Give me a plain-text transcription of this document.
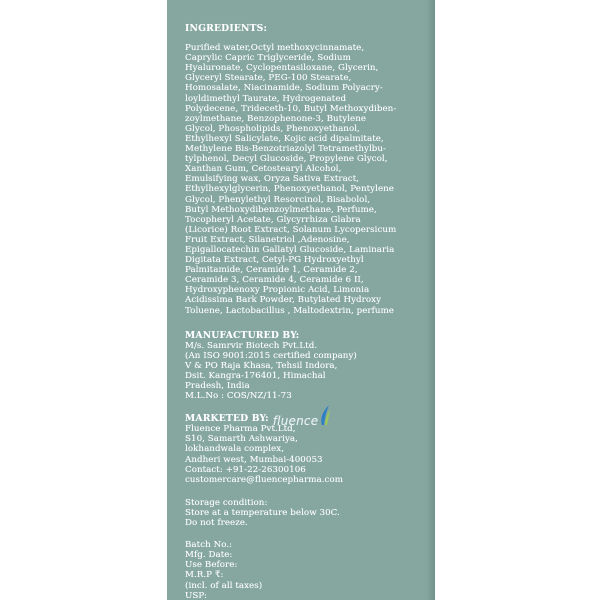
INGREDIENTS:
Purified water,Octyl methoxycinnamate,
Caprylic Capric Triglyceride, Sodium
Hyaluronate, Cyclopentasiloxane, Glycerin,
Glyceryl Stearate, PEG-100 Stearate,
Homosalate, Niacinamide, Sodium Polyacry-
loyldimethyl Taurate, Hydrogenated
Polydecene, Trideceth-10, Butyl Methoxydiben-
zoylmethane, Benzophenone-3, Butylene
Glycol, Phospholipids, Phenoxyethanol,
Ethylhexyl Salicylate, Kojic acid dipalmitate,
Methylene Bis-Benzotriazolyl Tetramethylbu-
tylphenol, Decyl Glucoside, Propylene Glycol,
Xanthan Gum, Cetostearyl Alcohol,
Emulsifying wax, Oryza Sativa Extract,
Ethylhexylglycerin, Phenoxyethanol, Pentylene
Glycol, Phenylethyl Resorcinol, Bisabolol,
Butyl Methoxydibenzoylmethane, Perfume,
Tocopheryl Acetate, Glycyrrhiza Glabra
(Licorice) Root Extract, Solanum Lycopersicum
Fruit Extract, Silanetriol ,Adenosine,
Epigallocatechin Gallatyl Glucoside, Laminaria
Digitata Extract, Cetyl-PG Hydroxyethyl
Palmitamide, Ceramide 1, Ceramide 2,
Ceramide 3, Ceramide 4, Ceramide 6 II,
Hydroxyphenoxy Propionic Acid, Limonia
Acidissima Bark Powder, Butylated Hydroxy
Toluene, Lactobacillus , Maltodextrin, perfume
MANUFACTURED BY:
M/s. Samrvir Biotech Pvt.Ltd.
(An ISO 9001:2015 certified company)
V & PO Raja Khasa, Tehsil Indora,
Dsit. Kangra-176401, Himachal
Pradesh, India
M.L.No : COS/NZ/11-73
MARKETED BY: fluence
Fluence Pharma Pvt.Ltd,
S10, Samarth Ashwariya,
lokhandwala complex,
Andheri west, Mumbai-400053
Contact: +91-22-26300106
customercare@fluencepharma.com
Storage condition:
Store at a temperature below 30C.
Do not freeze.
Batch No.:
Mfg. Date:
Use Before:
M.R.P ₹:
(incl. of all taxes)
USP:
